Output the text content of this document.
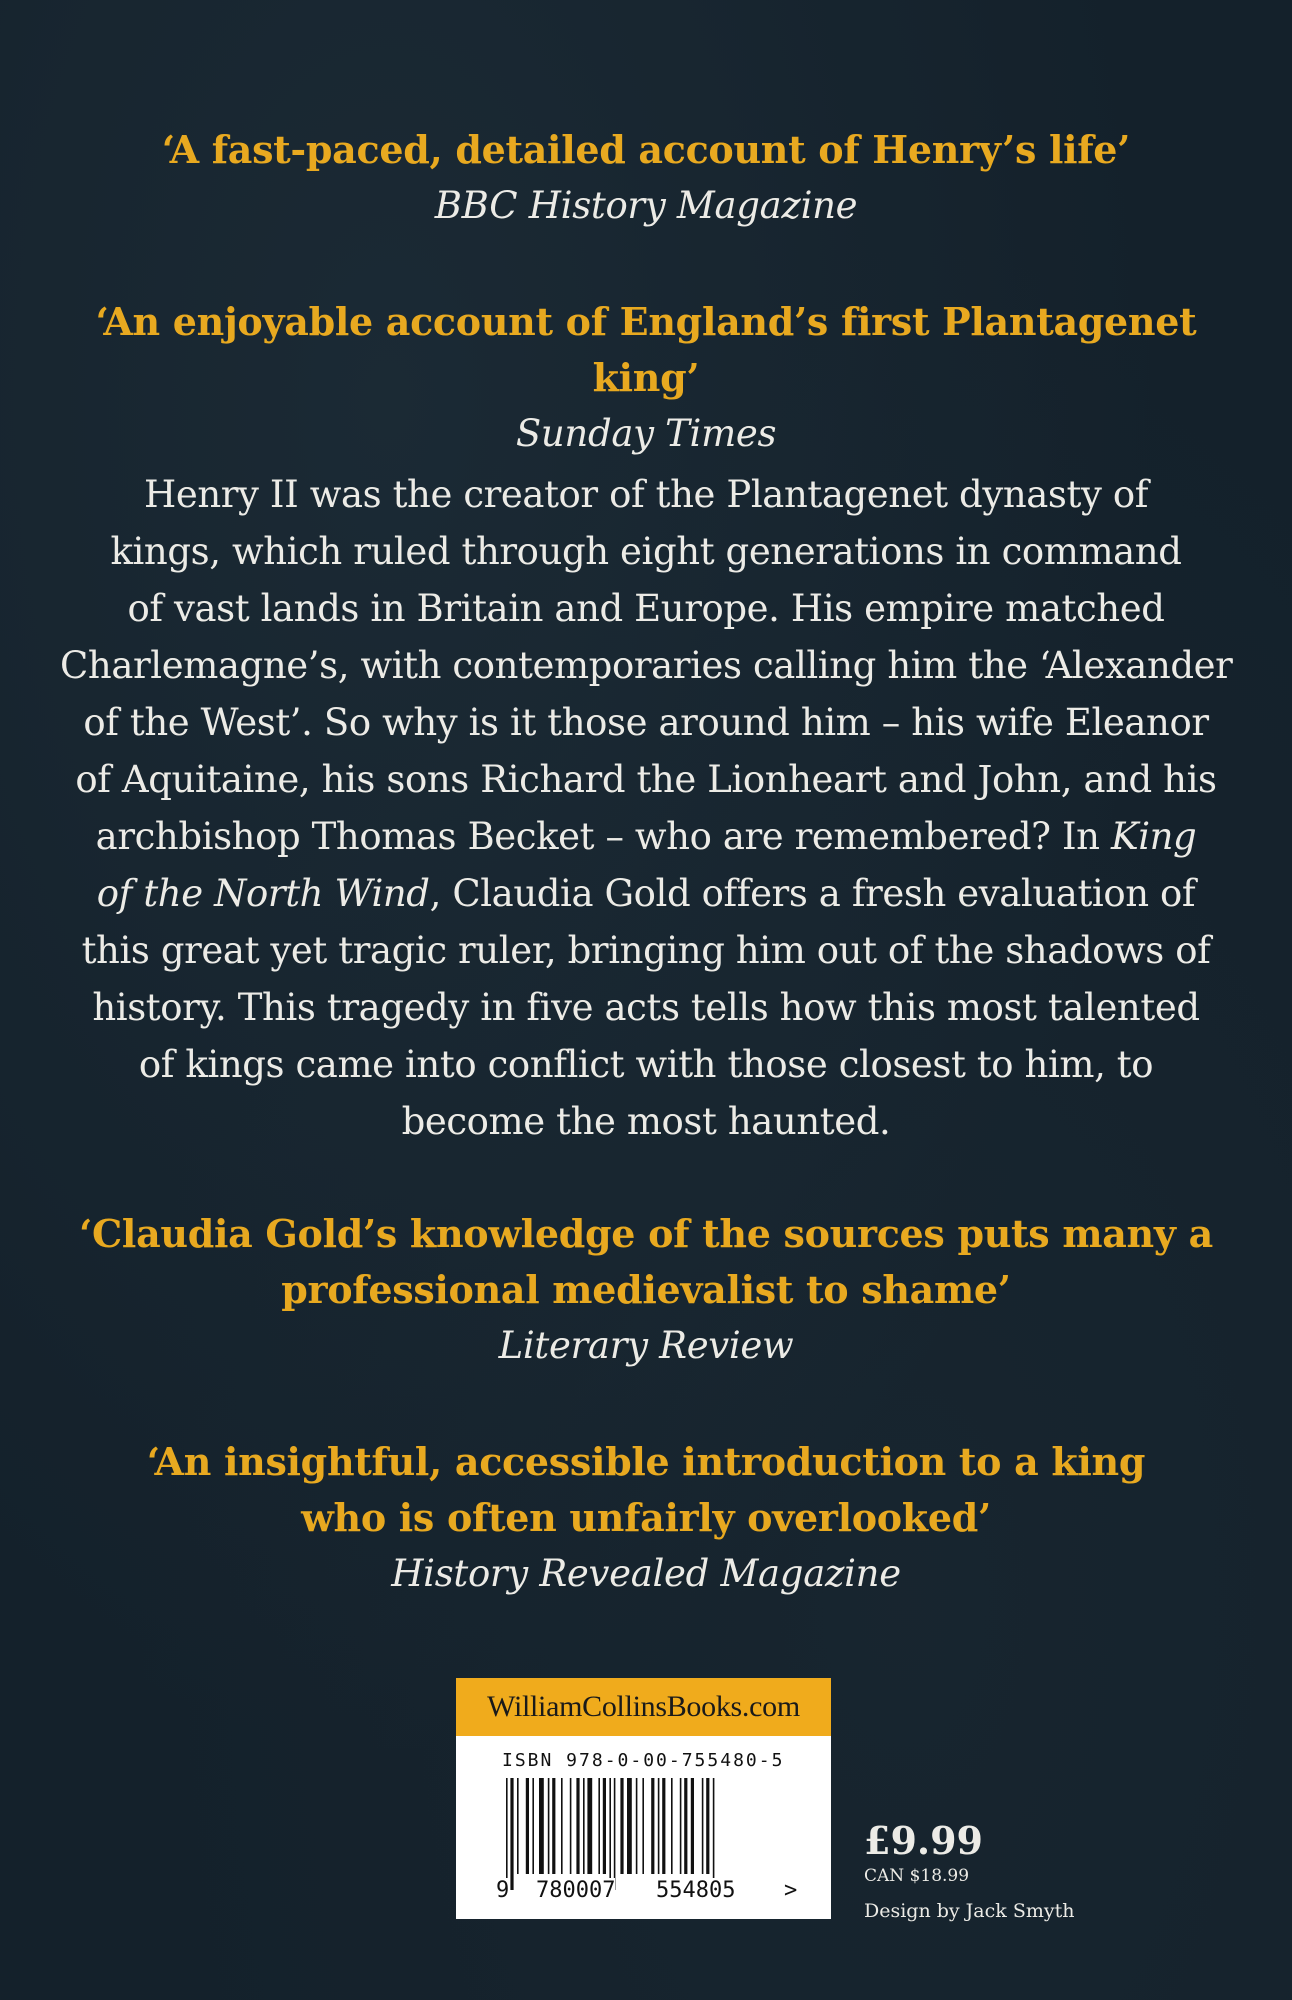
‘A fast-paced, detailed account of Henry’s life’
BBC History Magazine
‘An enjoyable account of England’s first Plantagenet king’
Sunday Times
Henry II was the creator of the Plantagenet dynasty of
kings, which ruled through eight generations in command
of vast lands in Britain and Europe. His empire matched
Charlemagne’s, with contemporaries calling him the ‘Alexander
of the West’. So why is it those around him – his wife Eleanor
of Aquitaine, his sons Richard the Lionheart and John, and his
archbishop Thomas Becket – who are remembered? In King
of the North Wind, Claudia Gold offers a fresh evaluation of
this great yet tragic ruler, bringing him out of the shadows of
history. This tragedy in five acts tells how this most talented
of kings came into conflict with those closest to him, to
become the most haunted.
‘Claudia Gold’s knowledge of the sources puts many a
professional medievalist to shame’
Literary Review
‘An insightful, accessible introduction to a king
who is often unfairly overlooked’
History Revealed Magazine
WilliamCollinsBooks.com
ISBN 978-0-00-755480-5
9 780007 554805 >
£9.99
CAN $18.99
Design by Jack Smyth
